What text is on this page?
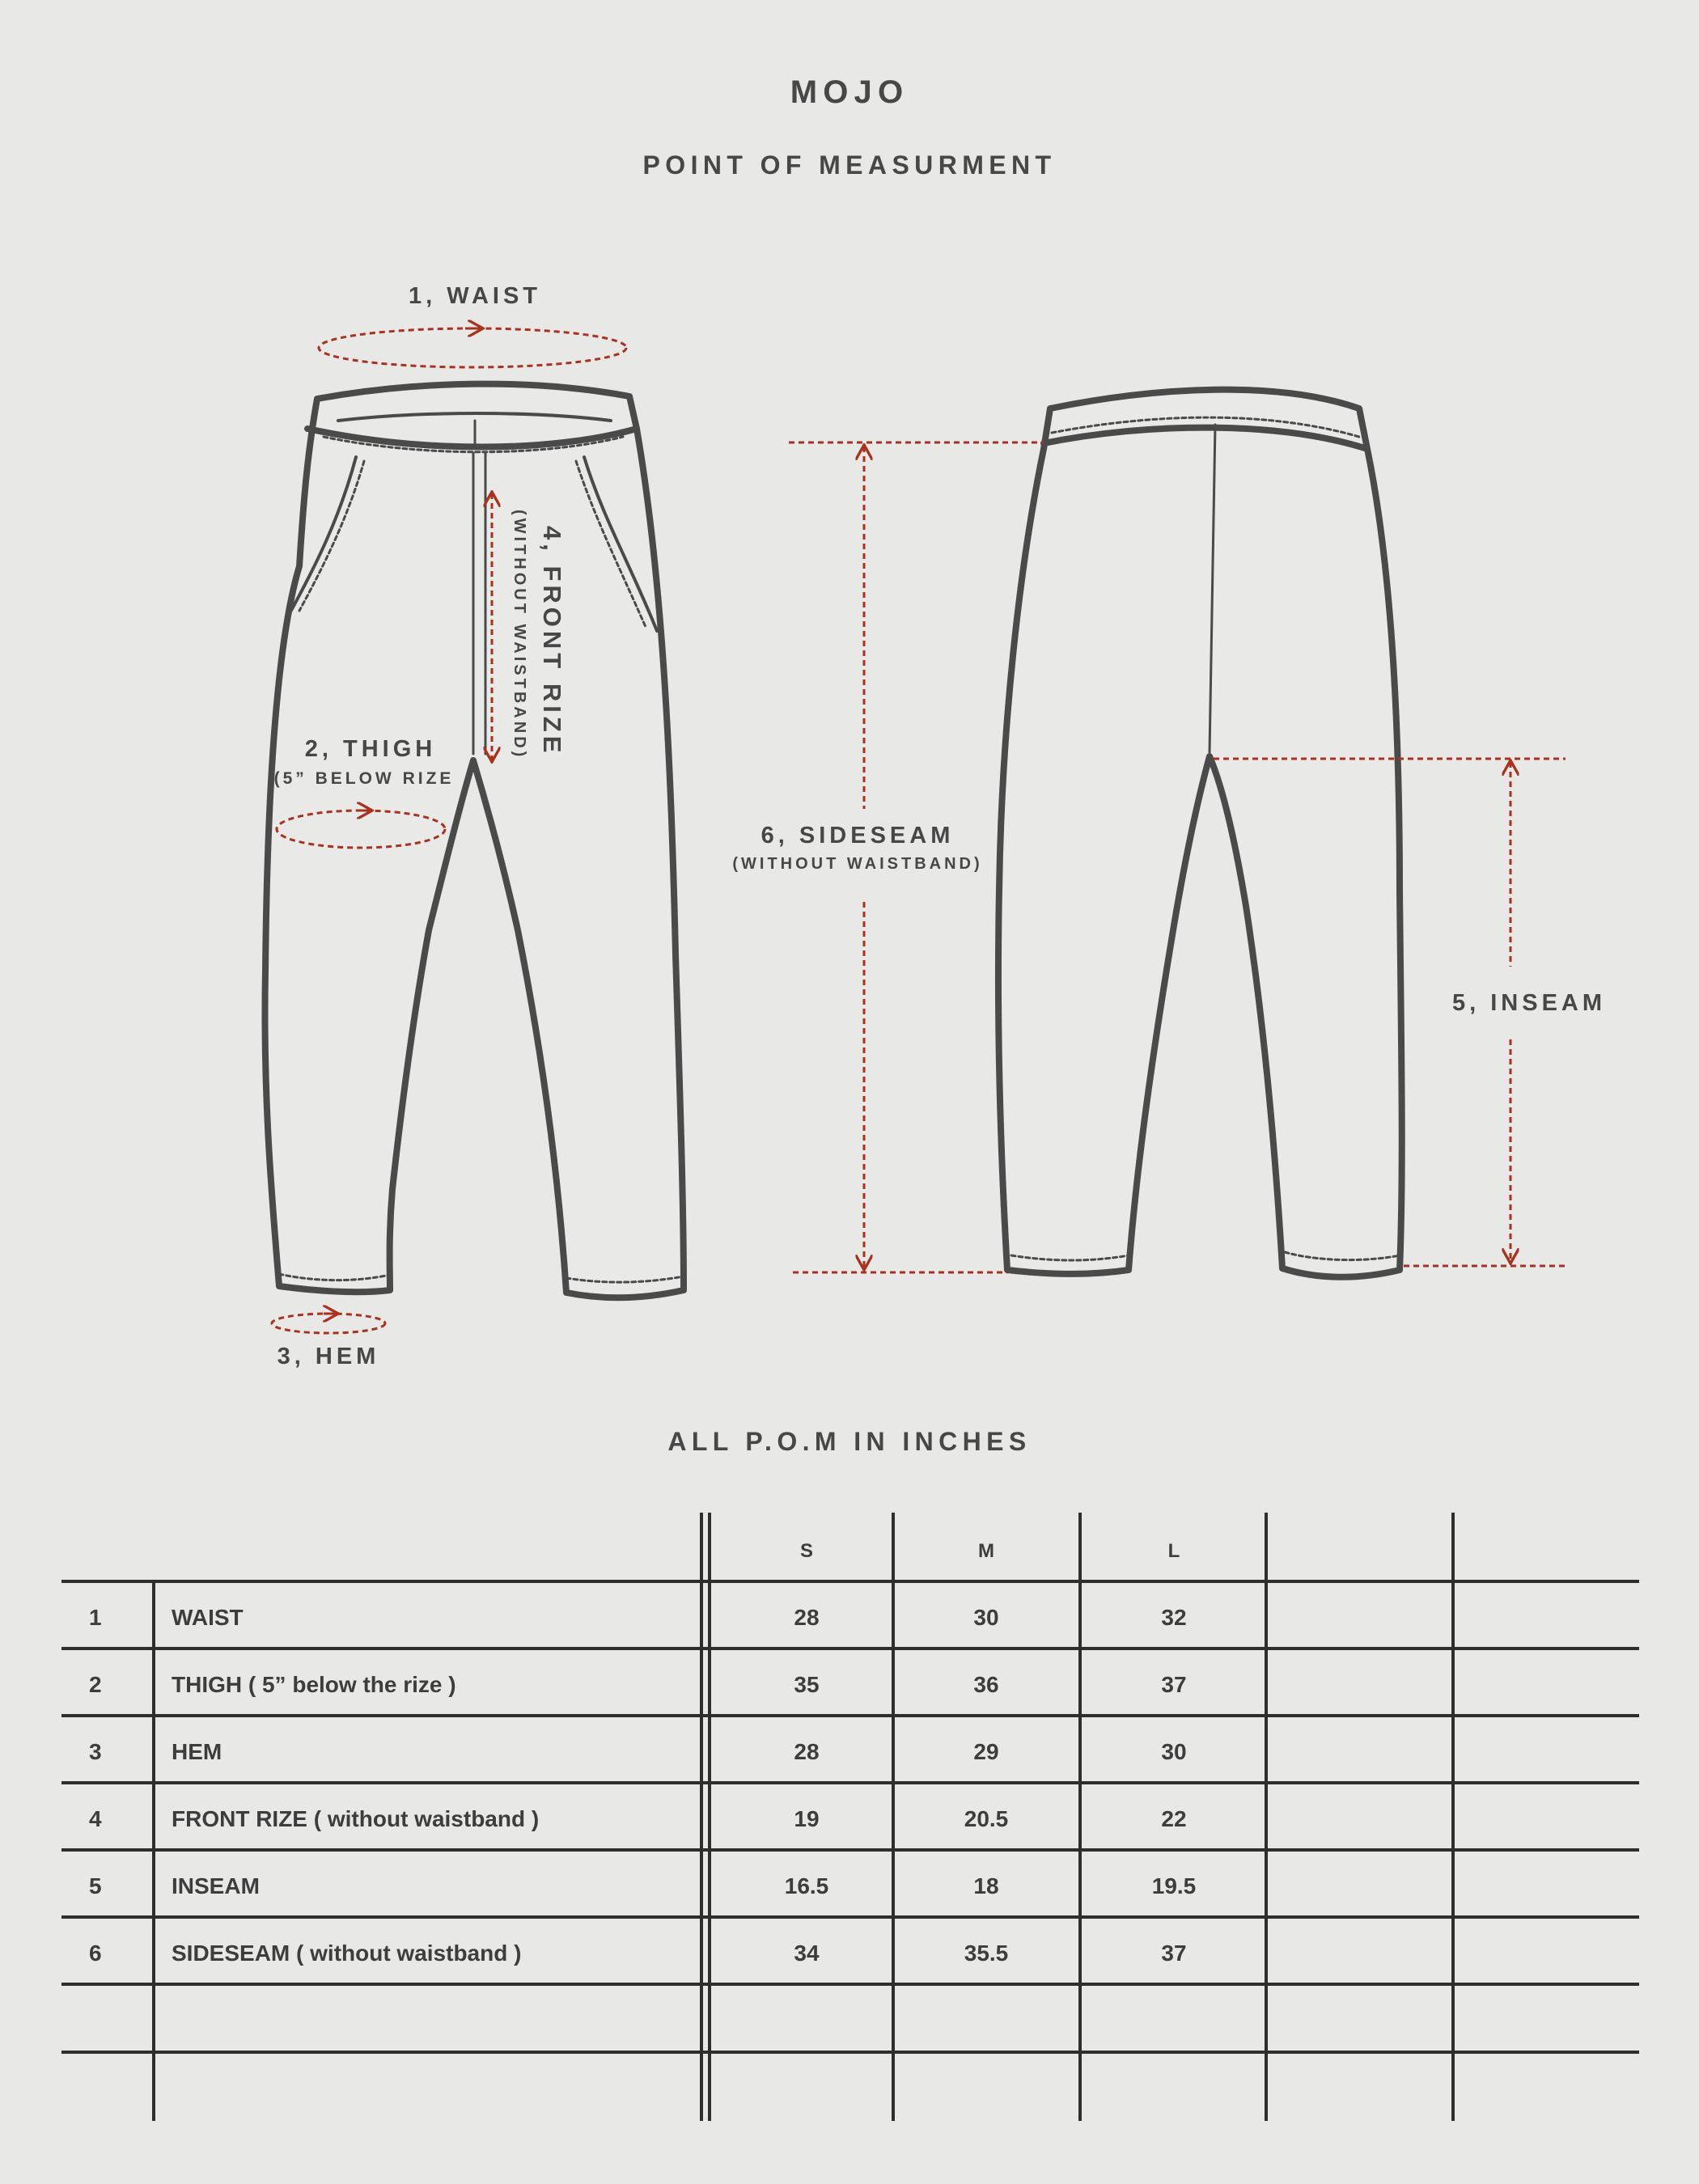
MOJO
POINT OF MEASURMENT
1, WAIST
2, THIGH
(5” BELOW RIZE
3, HEM
4, FRONT RIZE
(WITHOUT WAISTBAND)
6, SIDESEAM
(WITHOUT WAISTBAND)
5, INSEAM
ALL P.O.M IN INCHES
S	M	L
1	WAIST	28	30	32
2	THIGH ( 5” below the rize )	35	36	37
3	HEM	28	29	30
4	FRONT RIZE ( without waistband )	19	20.5	22
5	INSEAM	16.5	18	19.5
6	SIDESEAM ( without waistband )	34	35.5	37
